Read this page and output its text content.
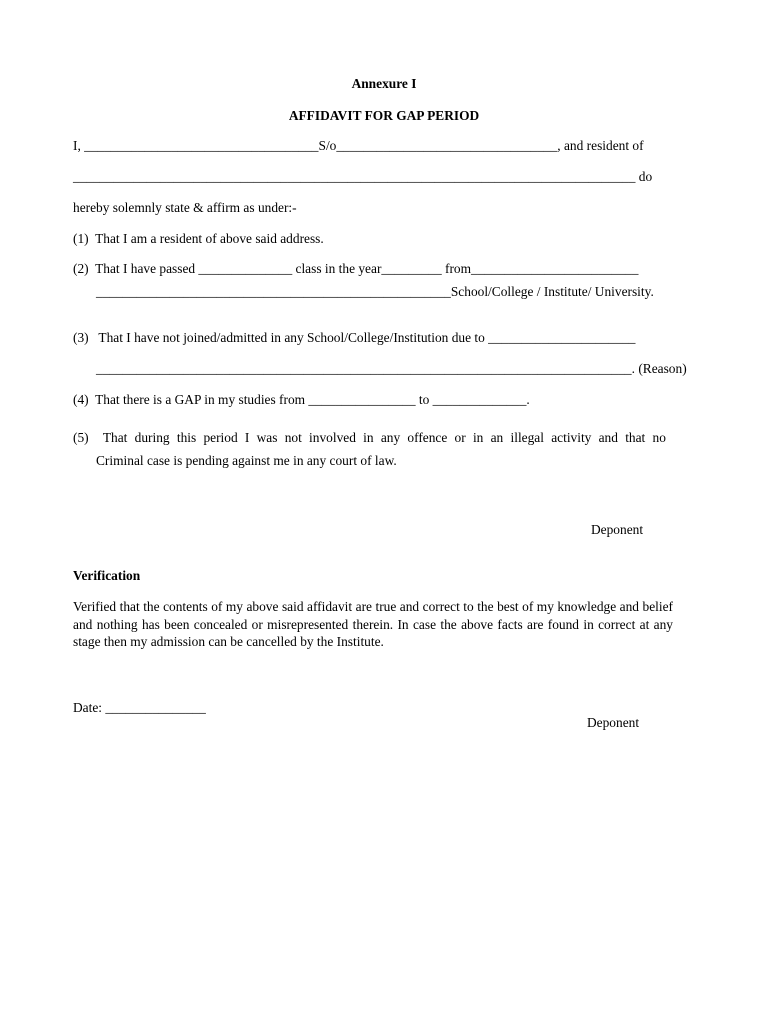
Annexure I
AFFIDAVIT FOR GAP PERIOD
I, ___________________________________S/o_________________________________, and resident of
____________________________________________________________________________________ do
hereby solemnly state & affirm as under:-
(1)  That I am a resident of above said address.
(2)  That I have passed ______________ class in the year_________ from_________________________
_____________________________________________________School/College / Institute/ University.
(3)   That I have not joined/admitted in any School/College/Institution due to ______________________
________________________________________________________________________________. (Reason)
(4)  That there is a GAP in my studies from ________________ to ______________.
(5)  That during this period I was not involved in any offence or in an illegal activity and that no
Criminal case is pending against me in any court of law.
Deponent
Verification
Verified that the contents of my above said affidavit are true and correct to the best of my knowledge and belief and nothing has been concealed or misrepresented therein. In case the above facts are found in correct at any stage then my admission can be cancelled by the Institute.
Date: _______________
Deponent
